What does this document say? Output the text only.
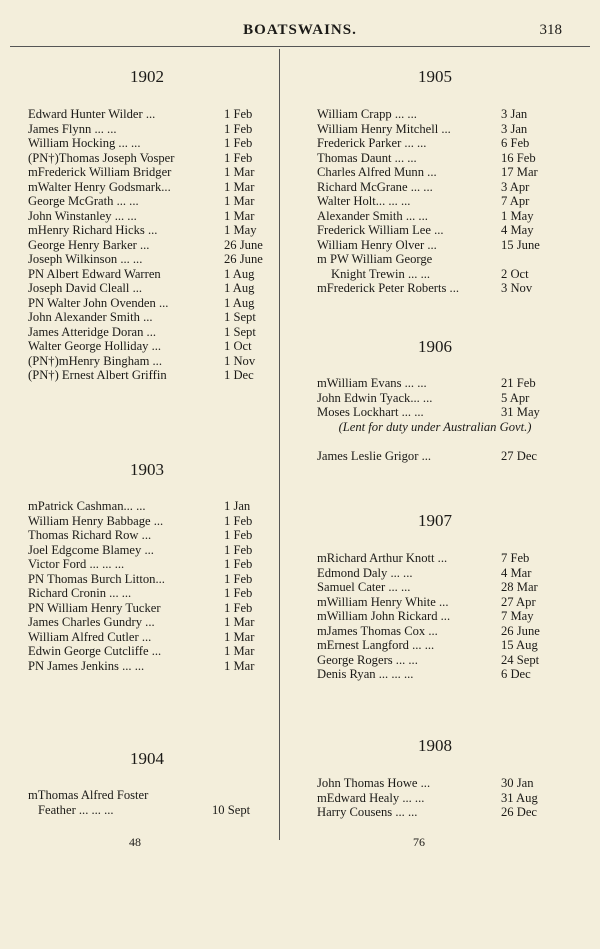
BOATSWAINS.	318
1902
Edward Hunter Wilder ...	1 Feb
James Flynn ... ...	1 Feb
William Hocking ... ...	1 Feb
(PN†)Thomas Joseph Vosper	1 Feb
mFrederick William Bridger	1 Mar
mWalter Henry Godsmark...	1 Mar
George McGrath ... ...	1 Mar
John Winstanley ... ...	1 Mar
mHenry Richard Hicks ...	1 May
George Henry Barker ...	26 June
Joseph Wilkinson ... ...	26 June
PN Albert Edward Warren	1 Aug
Joseph David Cleall ...	1 Aug
PN Walter John Ovenden ...	1 Aug
John Alexander Smith ...	1 Sept
James Atteridge Doran ...	1 Sept
Walter George Holliday ...	1 Oct
(PN†)mHenry Bingham ...	1 Nov
(PN†) Ernest Albert Griffin	1 Dec
1903
mPatrick Cashman... ...	1 Jan
William Henry Babbage ...	1 Feb
Thomas Richard Row ...	1 Feb
Joel Edgcome Blamey ...	1 Feb
Victor Ford ... ... ...	1 Feb
PN Thomas Burch Litton...	1 Feb
Richard Cronin ... ...	1 Feb
PN William Henry Tucker	1 Feb
James Charles Gundry ...	1 Mar
William Alfred Cutler ...	1 Mar
Edwin George Cutcliffe ...	1 Mar
PN James Jenkins ... ...	1 Mar
1904
mThomas Alfred Foster
Feather ... ... ...	10 Sept
1905
William Crapp ... ...	3 Jan
William Henry Mitchell ...	3 Jan
Frederick Parker ... ...	6 Feb
Thomas Daunt ... ...	16 Feb
Charles Alfred Munn ...	17 Mar
Richard McGrane ... ...	3 Apr
Walter Holt... ... ...	7 Apr
Alexander Smith ... ...	1 May
Frederick William Lee ...	4 May
William Henry Olver ...	15 June
m PW William George
Knight Trewin ... ...	2 Oct
mFrederick Peter Roberts ...	3 Nov
1906
mWilliam Evans ... ...	21 Feb
John Edwin Tyack... ...	5 Apr
Moses Lockhart ... ...	31 May
(Lent for duty under Australian Govt.)
James Leslie Grigor ...	27 Dec
1907
mRichard Arthur Knott ...	7 Feb
Edmond Daly ... ...	4 Mar
Samuel Cater ... ...	28 Mar
mWilliam Henry White ...	27 Apr
mWilliam John Rickard ...	7 May
mJames Thomas Cox ...	26 June
mErnest Langford ... ...	15 Aug
George Rogers ... ...	24 Sept
Denis Ryan ... ... ...	6 Dec
1908
John Thomas Howe ...	30 Jan
mEdward Healy ... ...	31 Aug
Harry Cousens ... ...	26 Dec
48	76
